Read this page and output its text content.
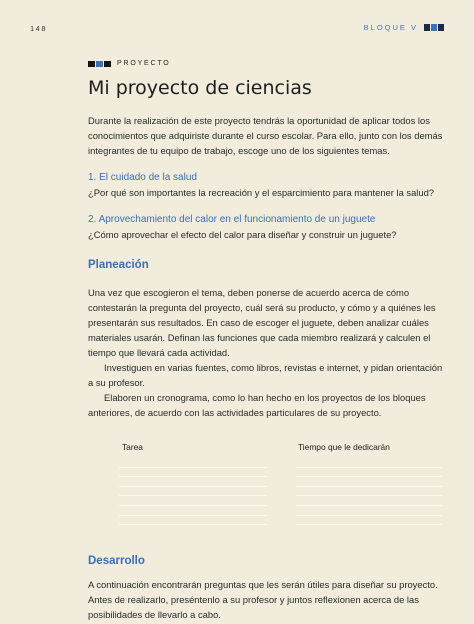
148	BLOQUE V
PROYECTO
Mi proyecto de ciencias

Durante la realización de este proyecto tendrás la oportunidad de aplicar todos los conocimientos que adquiriste durante el curso escolar. Para ello, junto con los demás integrantes de tu equipo de trabajo, escoge uno de los siguientes temas.

1. El cuidado de la salud

¿Por qué son importantes la recreación y el esparcimiento para mantener la salud?

2. Aprovechamiento del calor en el funcionamiento de un juguete

¿Cómo aprovechar el efecto del calor para diseñar y construir un juguete?

Planeación

Una vez que escogieron el tema, deben ponerse de acuerdo acerca de cómo contestarán la pregunta del proyecto, cuál será su producto, y cómo y a quiénes les presentarán sus resultados. En caso de escoger el juguete, deben analizar cuáles materiales usarán. Definan las funciones que cada miembro realizará y calculen el tiempo que llevará cada actividad.

Investiguen en varias fuentes, como libros, revistas e internet, y pidan orientación a su profesor.

Elaboren un cronograma, como lo han hecho en los proyectos de los bloques anteriores, de acuerdo con las actividades particulares de su proyecto.

Tarea	Tiempo que le dedicarán
Desarrollo

A continuación encontrarán preguntas que les serán útiles para diseñar su proyecto. Antes de realizarlo, preséntenlo a su profesor y juntos reflexionen acerca de las posibilidades de llevarlo a cabo.
